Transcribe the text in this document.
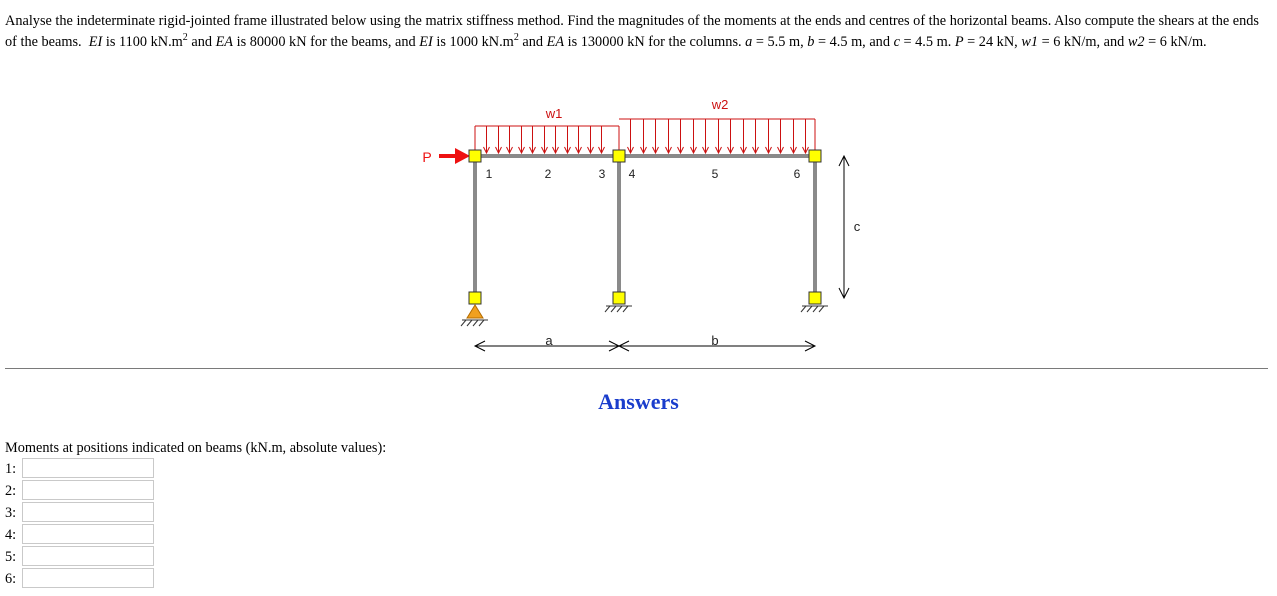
Analyse the indeterminate rigid-jointed frame illustrated below using the matrix stiffness method. Find the magnitudes of the moments at the ends and centres of the horizontal beams. Also compute the shears at the ends of the beams. EI is 1100 $kN.m^2$ and EA is 80000 kN for the beams, and EI is 1000 $kN.m^2$ and EA is 130000 kN for the columns. a = 5.5 m, b = 4.5 m, and c = 4.5 m. P = 24 kN, w1 = 6 kN/m, and w2 = 6 kN/m.

w1
w2
P
1	2	3 4	5	6
a	b
c
Answers
Moments at positions indicated on beams (kN.m, absolute values):
1:
2:
3:
4:
5:
6:
